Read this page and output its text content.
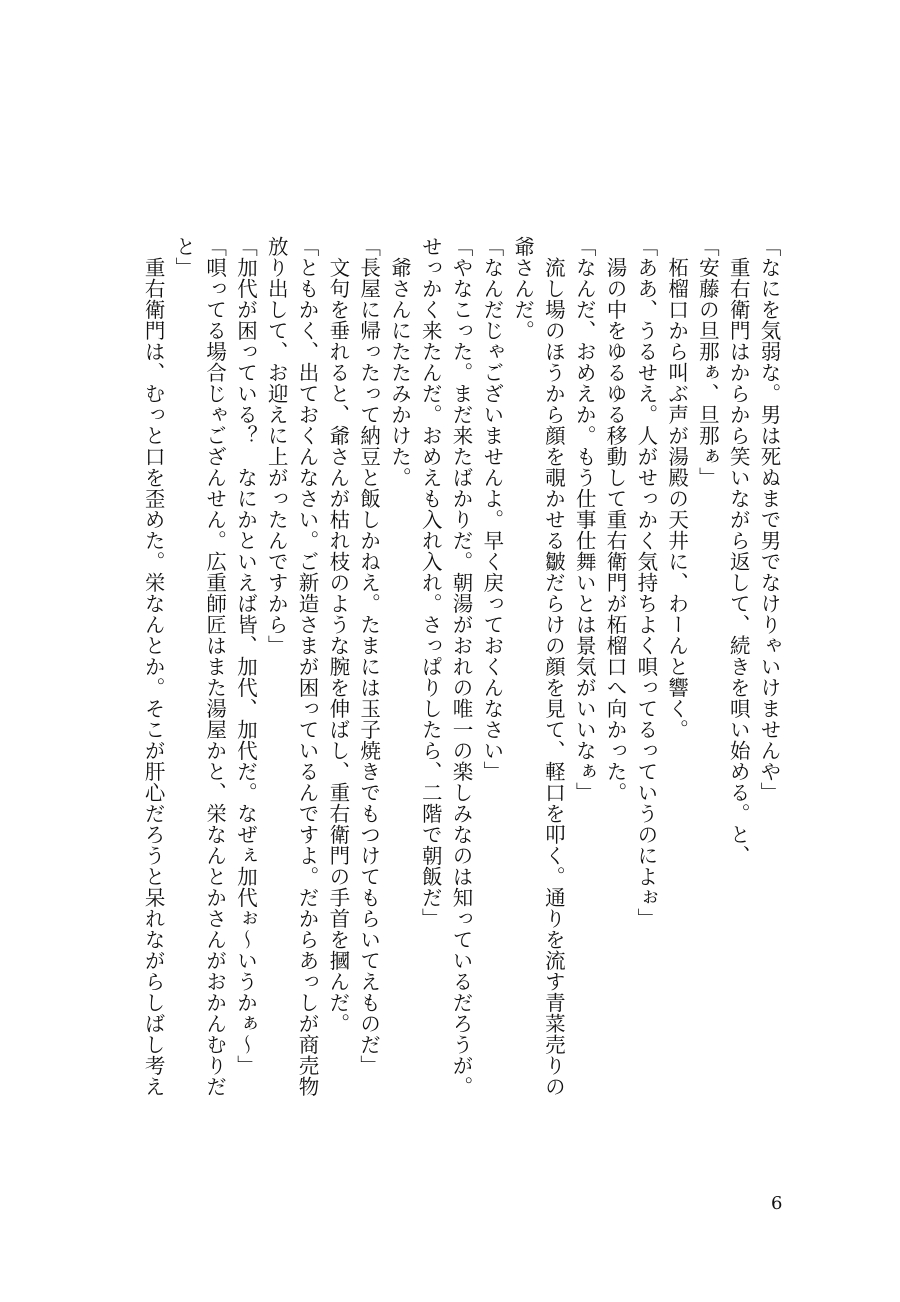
「なにを気弱な。男は死ぬまで男でなけりゃいけませんや」
　重右衛門はからから笑いながら返して、続きを唄い始める。と、
「安藤の旦那ぁ、旦那ぁ」
　柘榴口から叫ぶ声が湯殿の天井に、わーんと響く。
「ああ、うるせえ。人がせっかく気持ちよく唄ってるっていうのによぉ」
　湯の中をゆるゆる移動して重右衛門が柘榴口へ向かった。
「なんだ、おめえか。もう仕事仕舞いとは景気がいいなぁ」
　流し場のほうから顔を覗かせる皺だらけの顔を見て、軽口を叩く。通りを流す青菜売りの
爺さんだ。
「なんだじゃございませんよ。早く戻っておくんなさい」
「やなこった。まだ来たばかりだ。朝湯がおれの唯一の楽しみなのは知っているだろうが。
せっかく来たんだ。おめえも入れ入れ。さっぱりしたら、二階で朝飯だ」
　爺さんにたたみかけた。
「長屋に帰ったって納豆と飯しかねえ。たまには玉子焼きでもつけてもらいてえものだ」
　文句を垂れると、爺さんが枯れ枝のような腕を伸ばし、重右衛門の手首を摑んだ。
「ともかく、出ておくんなさい。ご新造さまが困っているんですよ。だからあっしが商売物
放り出して、お迎えに上がったんですから」
「加代が困っている？　なにかといえば皆、加代、加代だ。なぜぇ加代ぉ〜いうかぁ〜」
「唄ってる場合じゃござんせん。広重師匠はまた湯屋かと、栄なんとかさんがおかんむりだ
と」
　重右衛門は、むっと口を歪めた。栄なんとか。そこが肝心だろうと呆れながらしばし考え
6
